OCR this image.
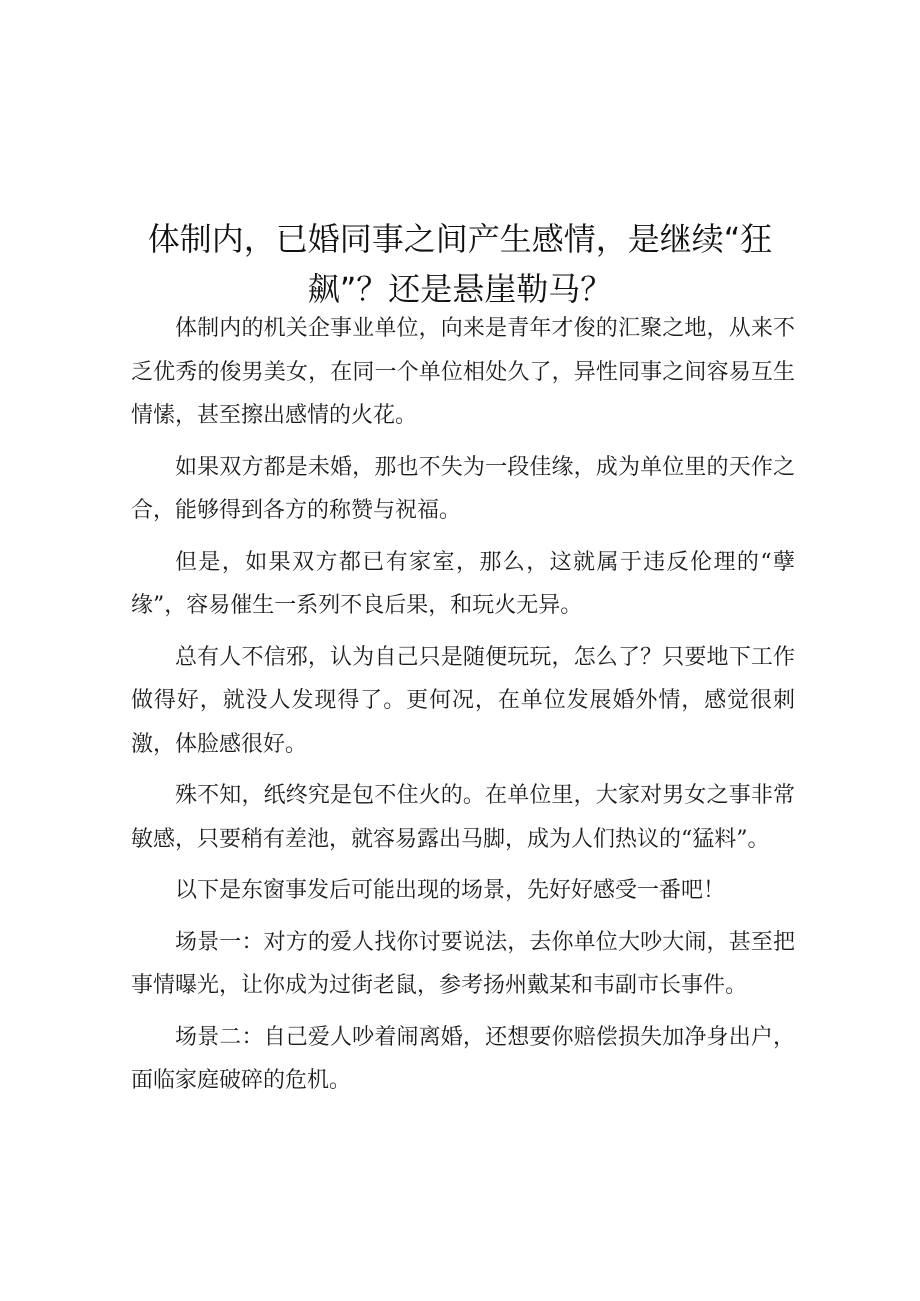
体制内，已婚同事之间产生感情，是继续“狂飙”？还是悬崖勒马？

体制内的机关企事业单位，向来是青年才俊的汇聚之地，从来不乏优秀的俊男美女，在同一个单位相处久了，异性同事之间容易互生情愫，甚至擦出感情的火花。

如果双方都是未婚，那也不失为一段佳缘，成为单位里的天作之合，能够得到各方的称赞与祝福。

但是，如果双方都已有家室，那么，这就属于违反伦理的“孽缘”，容易催生一系列不良后果，和玩火无异。

总有人不信邪，认为自己只是随便玩玩，怎么了？只要地下工作做得好，就没人发现得了。更何况，在单位发展婚外情，感觉很刺激，体脸感很好。

殊不知，纸终究是包不住火的。在单位里，大家对男女之事非常敏感，只要稍有差池，就容易露出马脚，成为人们热议的“猛料”。

以下是东窗事发后可能出现的场景，先好好感受一番吧！

场景一：对方的爱人找你讨要说法，去你单位大吵大闹，甚至把事情曝光，让你成为过街老鼠，参考扬州戴某和韦副市长事件。

场景二：自己爱人吵着闹离婚，还想要你赔偿损失加净身出户，面临家庭破碎的危机。
